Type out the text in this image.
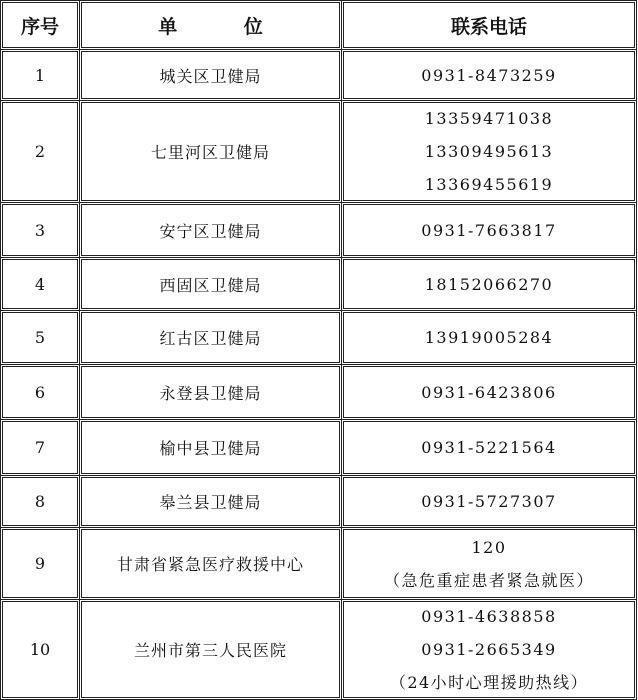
序号	单 位	联系电话
1	城关区卫健局	0931-8473259

2	七里河区卫健局	13359471038
13309495613
13369455619

3	安宁区卫健局	0931-7663817

4	西固区卫健局	18152066270

5	红古区卫健局	13919005284

6	永登县卫健局	0931-6423806

7	榆中县卫健局	0931-5221564

8	皋兰县卫健局	0931-5727307

9	甘肃省紧急医疗救援中心	120
（急危重症患者紧急就医）

10	兰州市第三人民医院	0931-4638858
0931-2665349
（24小时心理援助热线）
